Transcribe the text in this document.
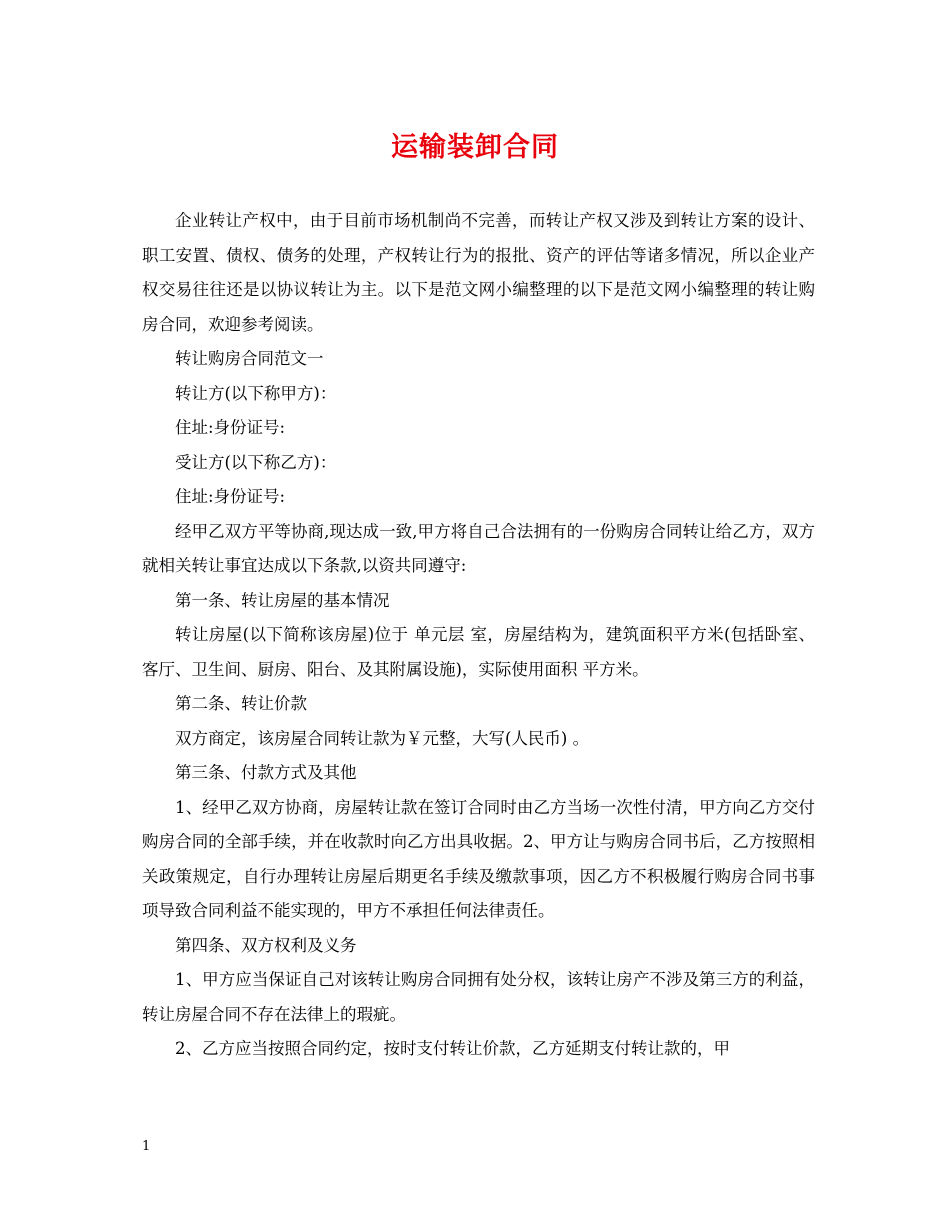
运输装卸合同

企业转让产权中，由于目前市场机制尚不完善，而转让产权又涉及到转让方案的设计、职工安置、债权、债务的处理，产权转让行为的报批、资产的评估等诸多情况，所以企业产权交易往往还是以协议转让为主。以下是范文网小编整理的以下是范文网小编整理的转让购房合同，欢迎参考阅读。

转让购房合同范文一

转让方(以下称甲方)：

住址:身份证号:

受让方(以下称乙方)：

住址:身份证号:

经甲乙双方平等协商,现达成一致,甲方将自己合法拥有的一份购房合同转让给乙方，双方就相关转让事宜达成以下条款,以资共同遵守:

第一条、转让房屋的基本情况

转让房屋(以下简称该房屋)位于 单元层 室，房屋结构为，建筑面积平方米(包括卧室、客厅、卫生间、厨房、阳台、及其附属设施)，实际使用面积 平方米。

第二条、转让价款

双方商定，该房屋合同转让款为￥元整，大写(人民币) 。

第三条、付款方式及其他

1、经甲乙双方协商，房屋转让款在签订合同时由乙方当场一次性付清，甲方向乙方交付购房合同的全部手续，并在收款时向乙方出具收据。2、甲方让与购房合同书后，乙方按照相关政策规定，自行办理转让房屋后期更名手续及缴款事项，因乙方不积极履行购房合同书事项导致合同利益不能实现的，甲方不承担任何法律责任。

第四条、双方权利及义务

1、甲方应当保证自己对该转让购房合同拥有处分权，该转让房产不涉及第三方的利益，转让房屋合同不存在法律上的瑕疵。

2、乙方应当按照合同约定，按时支付转让价款，乙方延期支付转让款的，甲

1
